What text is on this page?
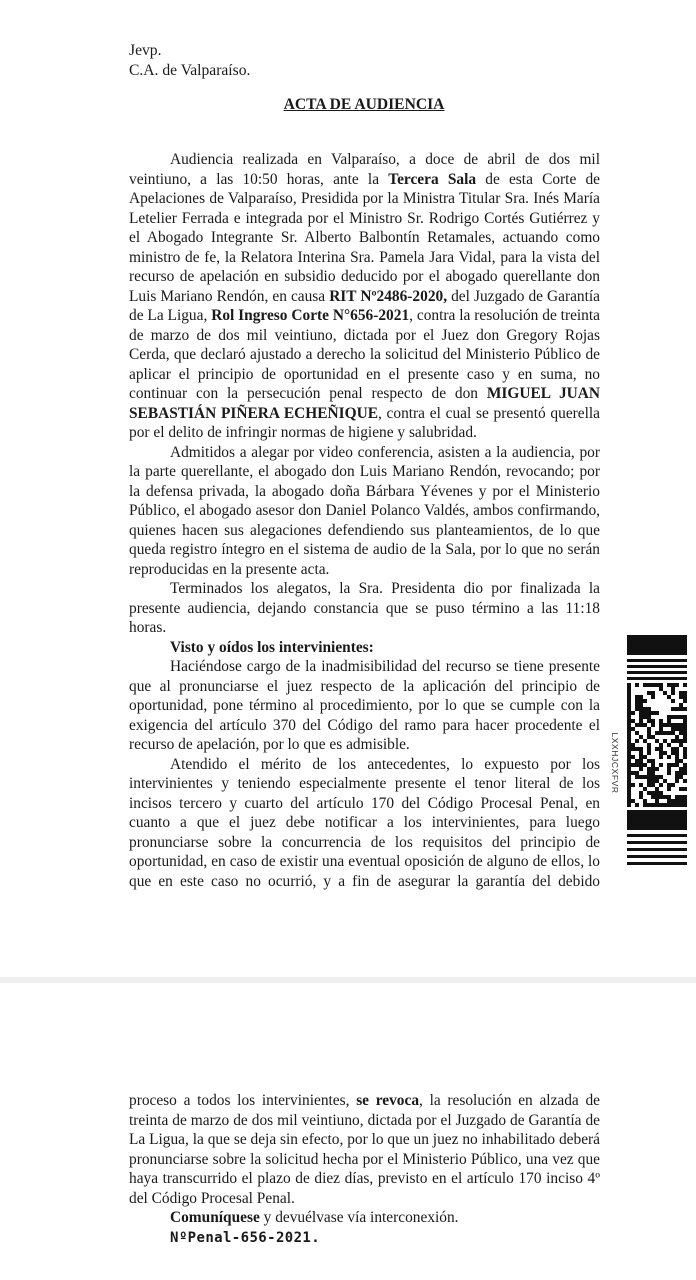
Jevp.
C.A. de Valparaíso.
ACTA DE AUDIENCIA

Audiencia realizada en Valparaíso, a doce de abril de dos mil veintiuno, a las 10:50 horas, ante la Tercera Sala de esta Corte de Apelaciones de Valparaíso, Presidida por la Ministra Titular Sra. Inés María Letelier Ferrada e integrada por el Ministro Sr. Rodrigo Cortés Gutiérrez y el Abogado Integrante Sr. Alberto Balbontín Retamales, actuando como ministro de fe, la Relatora Interina Sra. Pamela Jara Vidal, para la vista del recurso de apelación en subsidio deducido por el abogado querellante don Luis Mariano Rendón, en causa RIT Nº2486-2020, del Juzgado de Garantía de La Ligua, Rol Ingreso Corte N°656-2021, contra la resolución de treinta de marzo de dos mil veintiuno, dictada por el Juez don Gregory Rojas Cerda, que declaró ajustado a derecho la solicitud del Ministerio Público de aplicar el principio de oportunidad en el presente caso y en suma, no continuar con la persecución penal respecto de don MIGUEL JUAN SEBASTIÁN PIÑERA ECHEÑIQUE, contra el cual se presentó querella por el delito de infringir normas de higiene y salubridad.

Admitidos a alegar por video conferencia, asisten a la audiencia, por la parte querellante, el abogado don Luis Mariano Rendón, revocando; por la defensa privada, la abogado doña Bárbara Yévenes y por el Ministerio Público, el abogado asesor don Daniel Polanco Valdés, ambos confirmando, quienes hacen sus alegaciones defendiendo sus planteamientos, de lo que queda registro íntegro en el sistema de audio de la Sala, por lo que no serán reproducidas en la presente acta.

Terminados los alegatos, la Sra. Presidenta dio por finalizada la presente audiencia, dejando constancia que se puso término a las 11:18 horas.

Visto y oídos los intervinientes:

Haciéndose cargo de la inadmisibilidad del recurso se tiene presente que al pronunciarse el juez respecto de la aplicación del principio de oportunidad, pone término al procedimiento, por lo que se cumple con la exigencia del artículo 370 del Código del ramo para hacer procedente el recurso de apelación, por lo que es admisible.

Atendido el mérito de los antecedentes, lo expuesto por los intervinientes y teniendo especialmente presente el tenor literal de los incisos tercero y cuarto del artículo 170 del Código Procesal Penal, en cuanto a que el juez debe notificar a los intervinientes, para luego pronunciarse sobre la concurrencia de los requisitos del principio de oportunidad, en caso de existir una eventual oposición de alguno de ellos, lo que en este caso no ocurrió, y a fin de asegurar la garantía del debido

LXXHJCXFVR

proceso a todos los intervinientes, se revoca, la resolución en alzada de treinta de marzo de dos mil veintiuno, dictada por el Juzgado de Garantía de La Ligua, la que se deja sin efecto, por lo que un juez no inhabilitado deberá pronunciarse sobre la solicitud hecha por el Ministerio Público, una vez que haya transcurrido el plazo de diez días, previsto en el artículo 170 inciso 4º del Código Procesal Penal.

Comuníquese y devuélvase vía interconexión.

NºPenal-656-2021.
